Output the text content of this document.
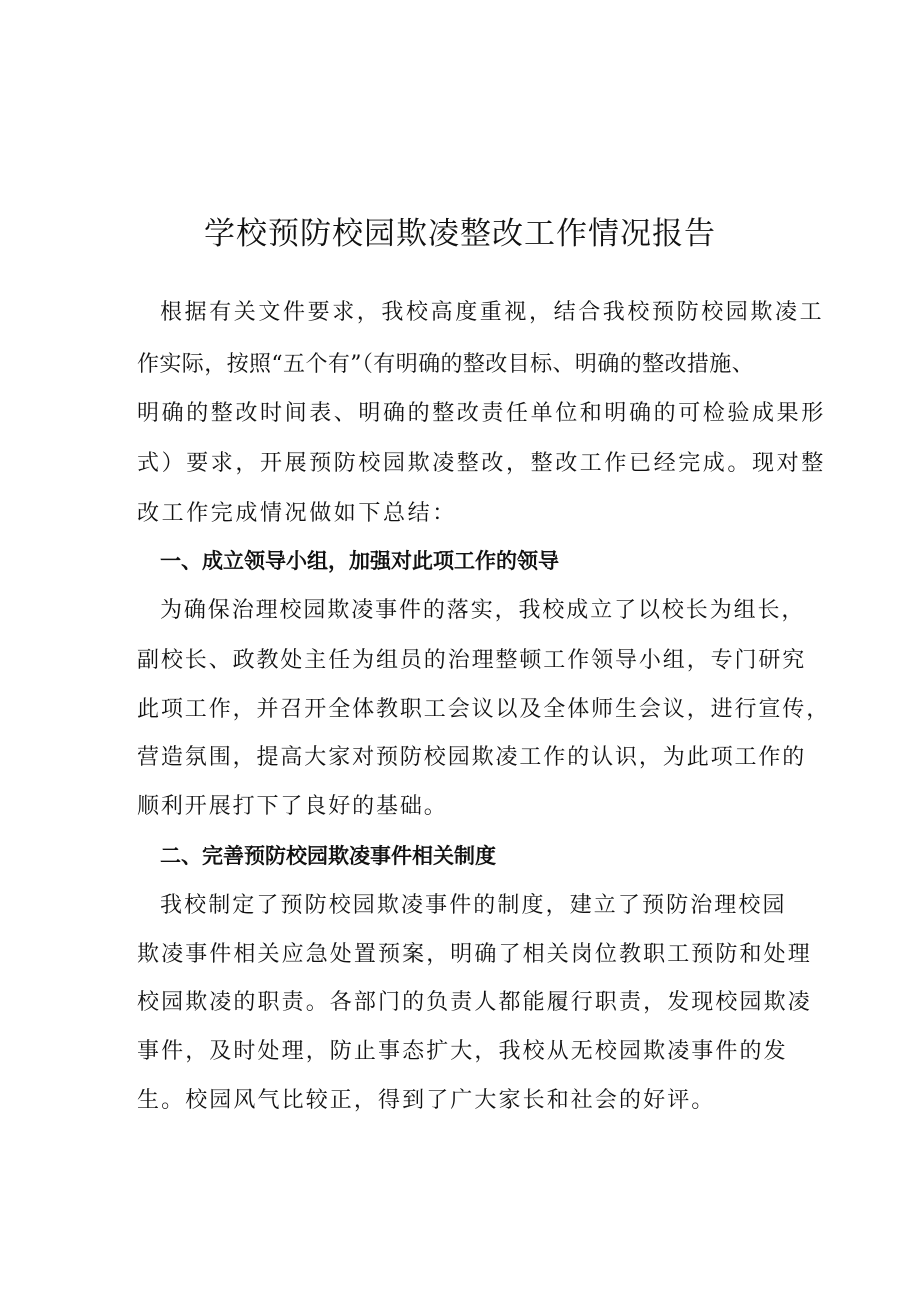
学校预防校园欺凌整改工作情况报告

根据有关文件要求，我校高度重视，结合我校预防校园欺凌工

作实际，按照“五个有”（有明确的整改目标、明确的整改措施、

明确的整改时间表、明确的整改责任单位和明确的可检验成果形

式）要求，开展预防校园欺凌整改，整改工作已经完成。现对整

改工作完成情况做如下总结：

一、成立领导小组，加强对此项工作的领导

为确保治理校园欺凌事件的落实，我校成立了以校长为组长，

副校长、政教处主任为组员的治理整顿工作领导小组，专门研究

此项工作，并召开全体教职工会议以及全体师生会议，进行宣传，

营造氛围，提高大家对预防校园欺凌工作的认识，为此项工作的

顺利开展打下了良好的基础。

二、完善预防校园欺凌事件相关制度

我校制定了预防校园欺凌事件的制度，建立了预防治理校园

欺凌事件相关应急处置预案，明确了相关岗位教职工预防和处理

校园欺凌的职责。各部门的负责人都能履行职责，发现校园欺凌

事件，及时处理，防止事态扩大，我校从无校园欺凌事件的发

生。校园风气比较正，得到了广大家长和社会的好评。
